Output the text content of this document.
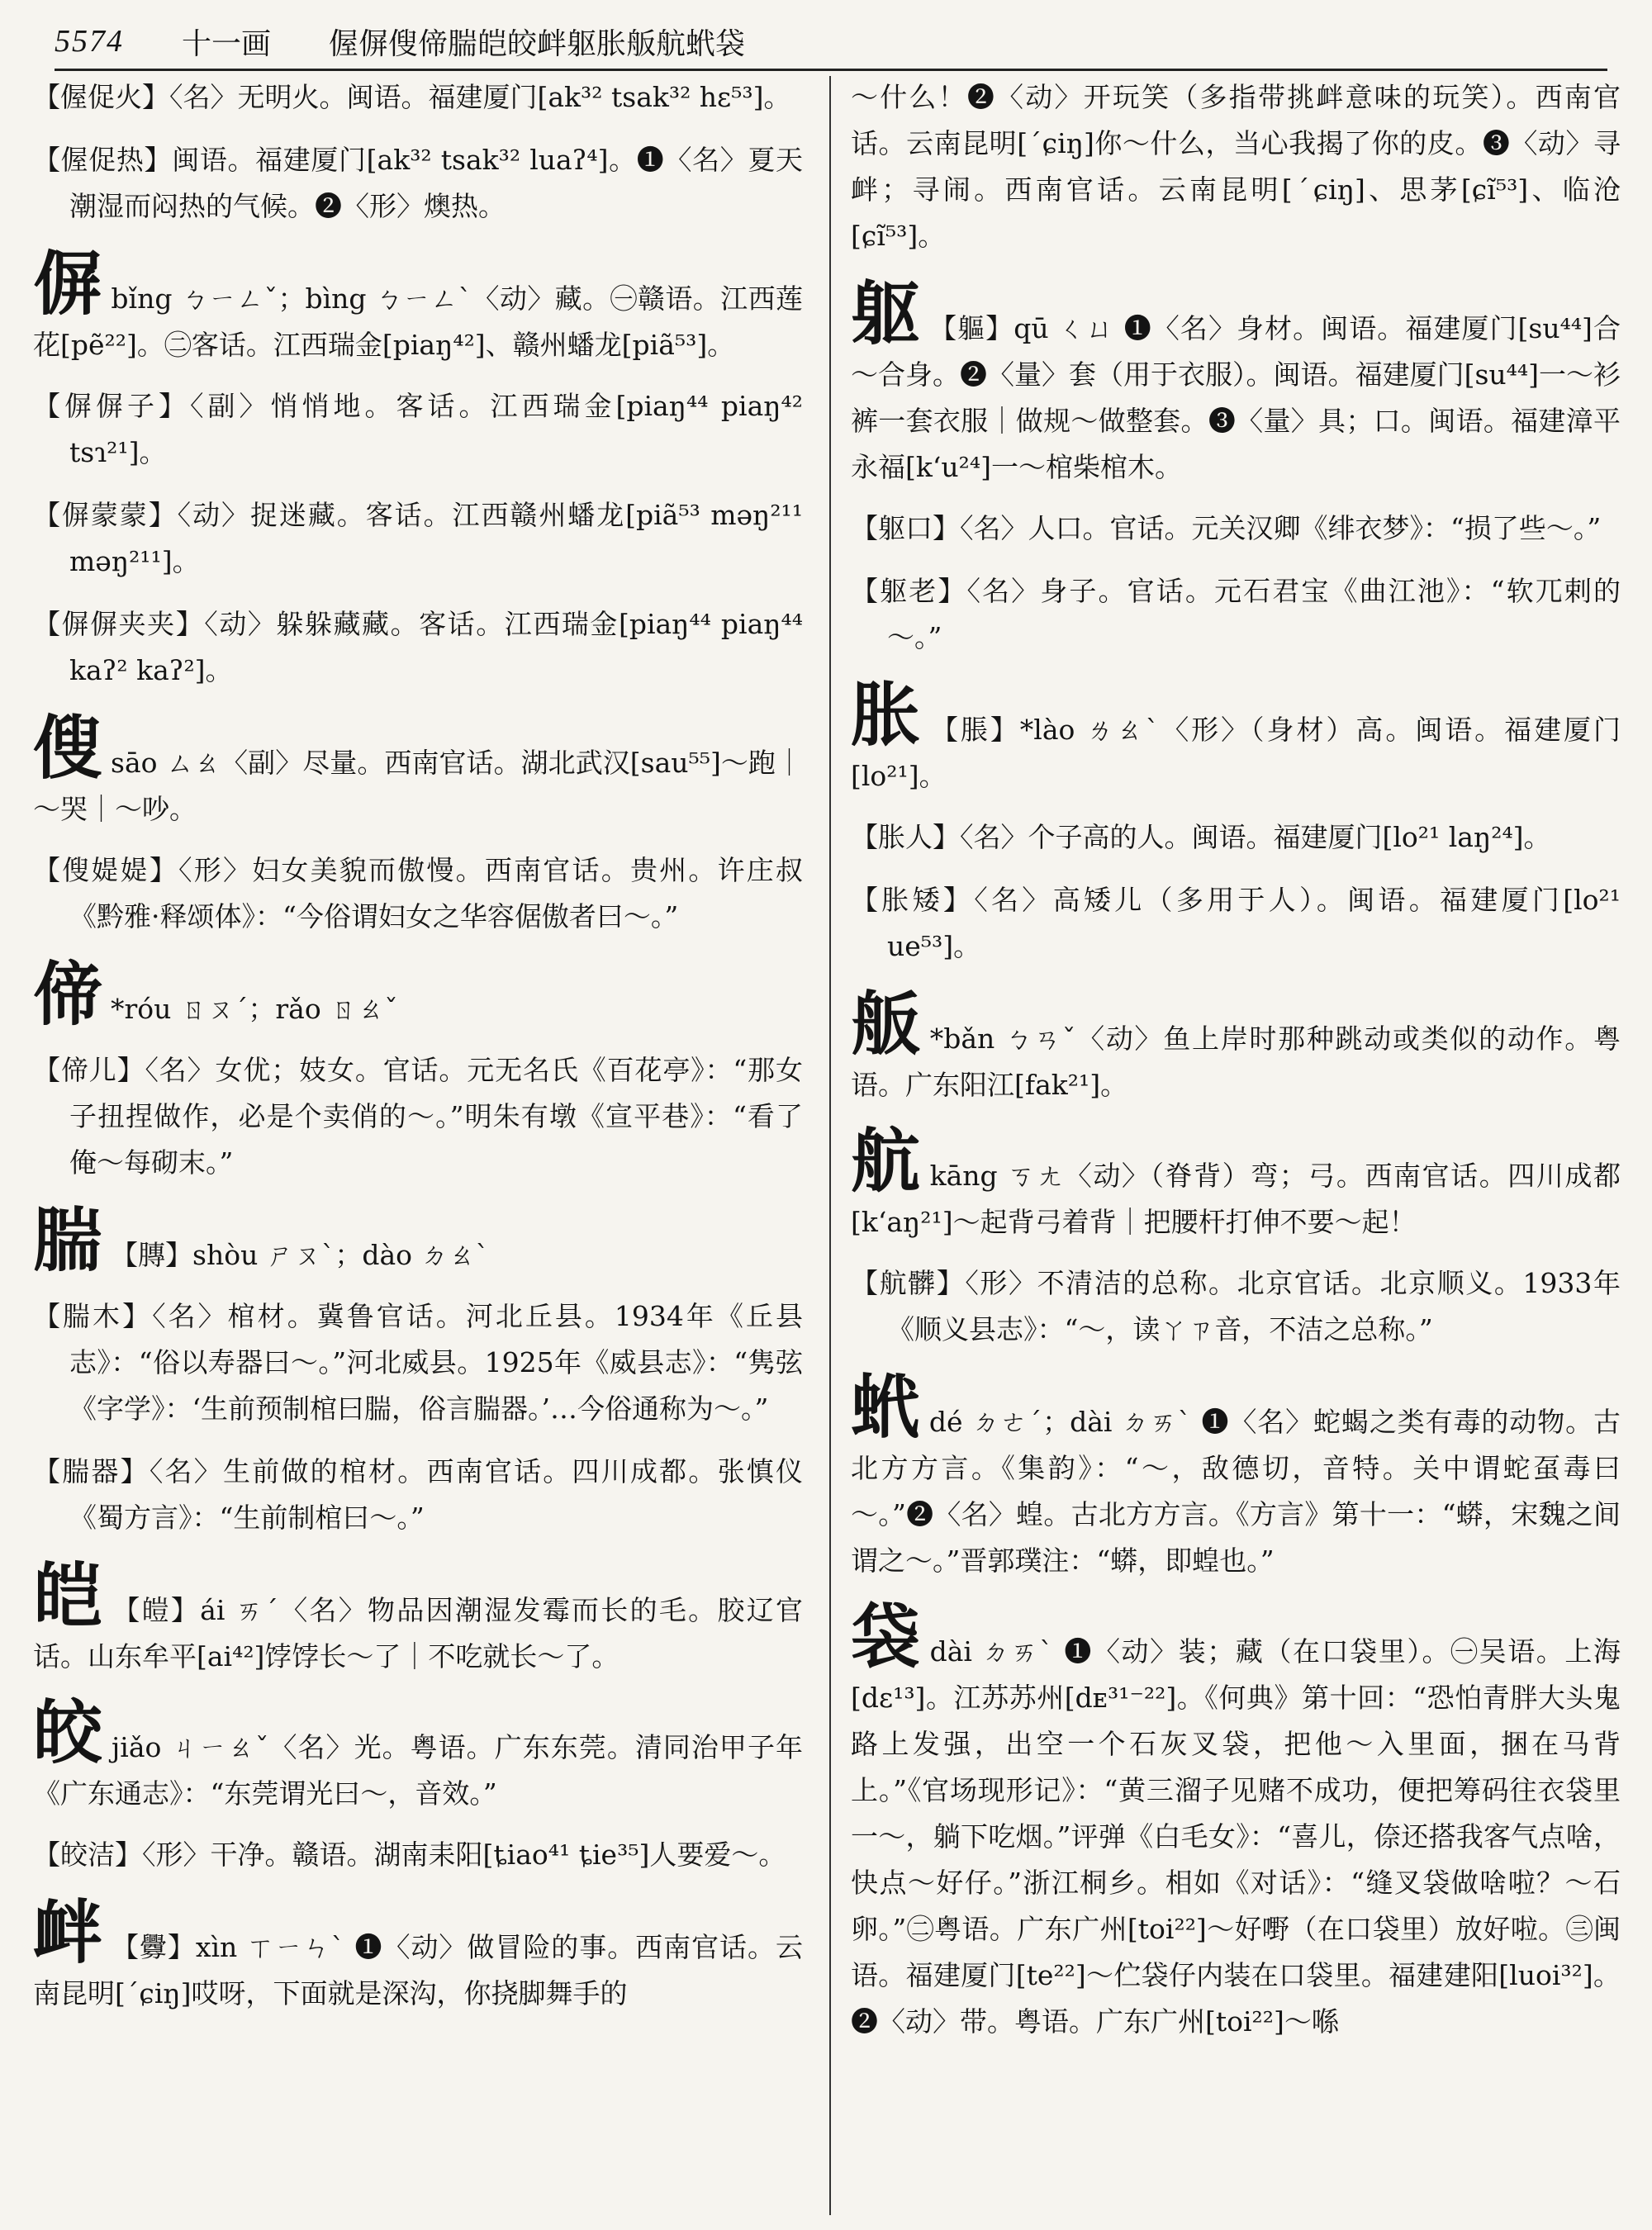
5574 十一画 偓偋傁偙腨皑皎衅躯胀舨航蚮袋

【偓促火】〈名〉无明火。闽语。福建厦门[ak³² tsak³² hɛ⁵³]。

【偓促热】闽语。福建厦门[ak³² tsak³² luaʔ⁴]。❶〈名〉夏天潮湿而闷热的气候。❷〈形〉燠热。

偋bǐng ㄅㄧㄥˇ；bìng ㄅㄧㄥˋ〈动〉藏。㊀赣语。江西莲花[pẽ²²]。㊁客话。江西瑞金[piaŋ⁴²]、赣州蟠龙[piã⁵³]。

【偋偋子】〈副〉悄悄地。客话。江西瑞金[piaŋ⁴⁴ piaŋ⁴² tsɿ²¹]。

【偋蒙蒙】〈动〉捉迷藏。客话。江西赣州蟠龙[piã⁵³ məŋ²¹¹ məŋ²¹¹]。

【偋偋夹夹】〈动〉躲躲藏藏。客话。江西瑞金[piaŋ⁴⁴ piaŋ⁴⁴ kaʔ² kaʔ²]。

傁sāo ㄙㄠ〈副〉尽量。西南官话。湖北武汉[sau⁵⁵]～跑｜～哭｜～吵。

【傁媞媞】〈形〉妇女美貌而傲慢。西南官话。贵州。许庄叔《黔雅·释颂体》：“今俗谓妇女之华容倨傲者曰～。”

偙 *róu ㄖㄡˊ；rǎo ㄖㄠˇ

【偙儿】〈名〉女优；妓女。官话。元无名氏《百花亭》：“那女子扭捏做作，必是个卖俏的～。”明朱有墩《宣平巷》：“看了俺～每砌末。”

腨 【膞】shòu ㄕㄡˋ；dào ㄉㄠˋ

【腨木】〈名〉棺材。冀鲁官话。河北丘县。1934年《丘县志》：“俗以寿器曰～。”河北威县。1925年《威县志》：“隽弦《字学》：‘生前预制棺曰腨，俗言腨器。’…今俗通称为～。”

【腨器】〈名〉生前做的棺材。西南官话。四川成都。张慎仪《蜀方言》：“生前制棺曰～。”

皑 【皚】ái ㄞˊ〈名〉物品因潮湿发霉而长的毛。胶辽官话。山东牟平[ai⁴²]饽饽长～了｜不吃就长～了。

皎jiǎo ㄐㄧㄠˇ〈名〉光。粤语。广东东莞。清同治甲子年《广东通志》：“东莞谓光曰～，音效。”

【皎洁】〈形〉干净。赣语。湖南耒阳[ȶiao⁴¹ ȶie³⁵]人要爱～。

衅 【釁】xìn ㄒㄧㄣˋ ❶〈动〉做冒险的事。西南官话。云南昆明[ˊɕiŋ]哎呀，下面就是深沟，你挠脚舞手的

～什么！❷〈动〉开玩笑（多指带挑衅意味的玩笑）。西南官话。云南昆明[ˊɕiŋ]你～什么，当心我揭了你的皮。❸〈动〉寻衅；寻闹。西南官话。云南昆明[ˊɕiŋ]、思茅[ɕĩ⁵³]、临沧[ɕĩ⁵³]。

躯 【軀】qū ㄑㄩ ❶〈名〉身材。闽语。福建厦门[su⁴⁴]合～合身。❷〈量〉套（用于衣服）。闽语。福建厦门[su⁴⁴]一～衫裤一套衣服｜做规～做整套。❸〈量〉具；口。闽语。福建漳平永福[kʻu²⁴]一～棺柴棺木。

【躯口】〈名〉人口。官话。元关汉卿《绯衣梦》：“损了些～。”

【躯老】〈名〉身子。官话。元石君宝《曲江池》：“软兀剌的～。”

胀 【脹】*lào ㄌㄠˋ〈形〉（身材）高。闽语。福建厦门[lo²¹]。

【胀人】〈名〉个子高的人。闽语。福建厦门[lo²¹ laŋ²⁴]。

【胀矮】〈名〉高矮儿（多用于人）。闽语。福建厦门[lo²¹ ue⁵³]。

舨 *bǎn ㄅㄢˇ〈动〉鱼上岸时那种跳动或类似的动作。粤语。广东阳江[fak²¹]。

航kāng ㄎㄤ〈动〉（脊背）弯；弓。西南官话。四川成都[kʻaŋ²¹]～起背弓着背｜把腰杆打伸不要～起！

【航髒】〈形〉不清洁的总称。北京官话。北京顺义。1933年《顺义县志》：“～，读ㄚㄗ音，不洁之总称。”

蚮dé ㄉㄜˊ；dài ㄉㄞˋ ❶〈名〉蛇蝎之类有毒的动物。古北方方言。《集韵》：“～，敌德切，音特。关中谓蛇虿毒曰～。”❷〈名〉蝗。古北方方言。《方言》第十一：“蟒，宋魏之间谓之～。”晋郭璞注：“蟒，即蝗也。”

袋dài ㄉㄞˋ ❶〈动〉装；藏（在口袋里）。㊀吴语。上海[dɛ¹³]。江苏苏州[dᴇ³¹⁻²²]。《何典》第十回：“恐怕青胖大头鬼路上发强，出空一个石灰叉袋，把他～入里面，捆在马背上。”《官场现形记》：“黄三溜子见赌不成功，便把筹码往衣袋里一～，躺下吃烟。”评弹《白毛女》：“喜儿，倷还搭我客气点啥，快点～好仔。”浙江桐乡。相如《对话》：“缝叉袋做啥啦？～石卵。”㊁粤语。广东广州[toi²²]～好嘢（在口袋里）放好啦。㊂闽语。福建厦门[te²²]～伫袋仔内装在口袋里。福建建阳[luoi³²]。❷〈动〉带。粤语。广东广州[toi²²]～喺
